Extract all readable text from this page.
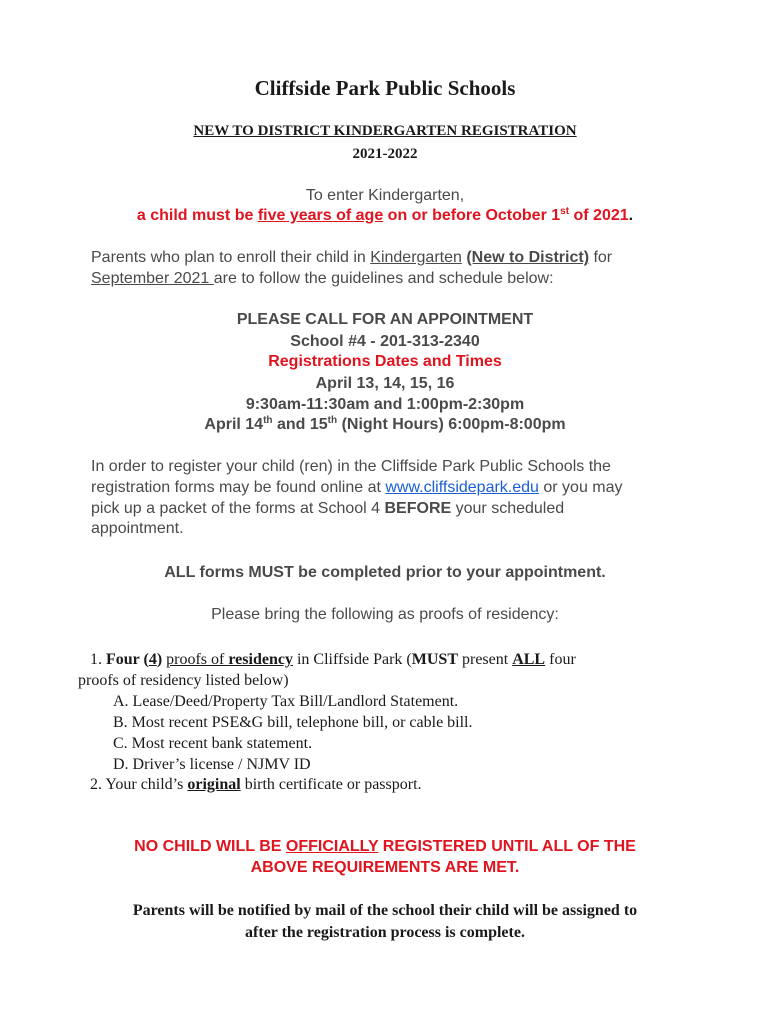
Cliffside Park Public Schools
NEW TO DISTRICT KINDERGARTEN REGISTRATION
2021-2022
To enter Kindergarten,
a child must be five years of age on or before October 1st of 2021.
Parents who plan to enroll their child in Kindergarten (New to District) for
September 2021 are to follow the guidelines and schedule below:
PLEASE CALL FOR AN APPOINTMENT
School #4 - 201-313-2340
Registrations Dates and Times
April 13, 14, 15, 16
9:30am-11:30am and 1:00pm-2:30pm
April 14th and 15th (Night Hours) 6:00pm-8:00pm
In order to register your child (ren) in the Cliffside Park Public Schools the
registration forms may be found online at www.cliffsidepark.edu or you may
pick up a packet of the forms at School 4 BEFORE your scheduled
appointment.
ALL forms MUST be completed prior to your appointment.
Please bring the following as proofs of residency:
1. Four (4) proofs of residency in Cliffside Park (MUST present ALL four
proofs of residency listed below)
A. Lease/Deed/Property Tax Bill/Landlord Statement.
B. Most recent PSE&G bill, telephone bill, or cable bill.
C. Most recent bank statement.
D. Driver’s license / NJMV ID
2. Your child’s original birth certificate or passport.
NO CHILD WILL BE OFFICIALLY REGISTERED UNTIL ALL OF THE
ABOVE REQUIREMENTS ARE MET.
Parents will be notified by mail of the school their child will be assigned to
after the registration process is complete.
